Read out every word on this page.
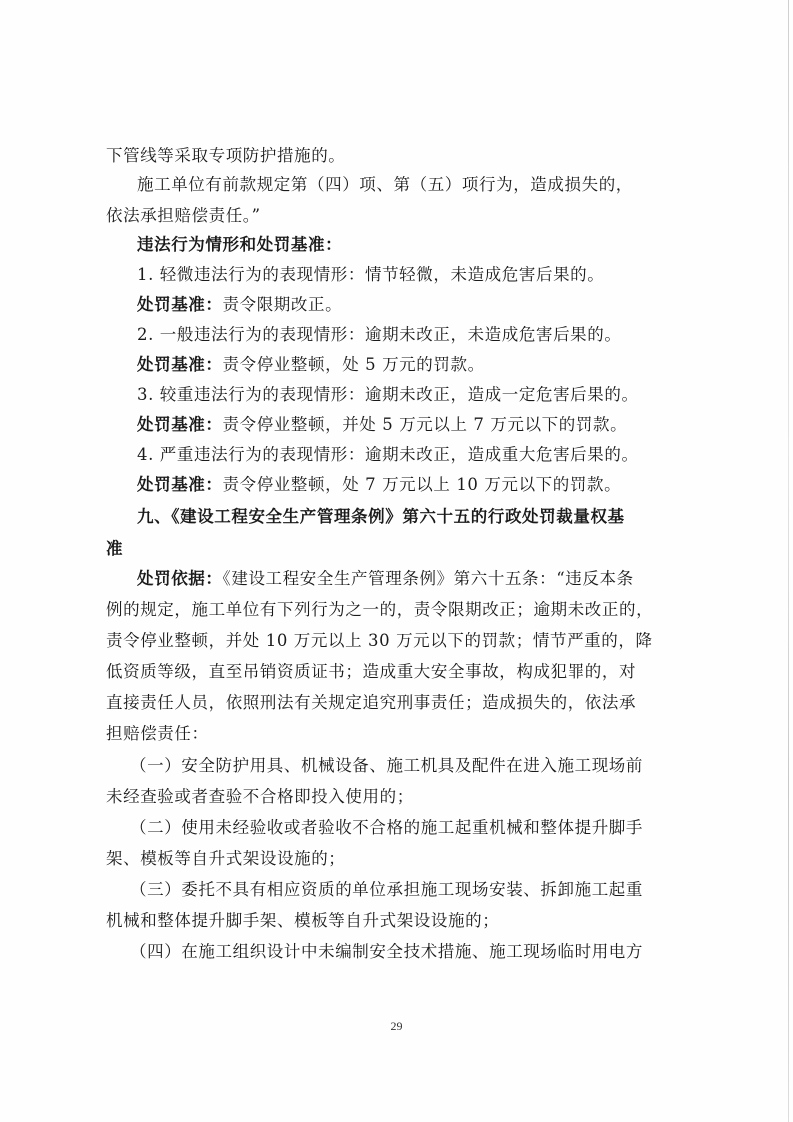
下管线等采取专项防护措施的。
施工单位有前款规定第（四）项、第（五）项行为，造成损失的，
依法承担赔偿责任。”
违法行为情形和处罚基准：
1. 轻微违法行为的表现情形：情节轻微，未造成危害后果的。
处罚基准：责令限期改正。
2. 一般违法行为的表现情形：逾期未改正，未造成危害后果的。
处罚基准：责令停业整顿，处 5 万元的罚款。
3. 较重违法行为的表现情形：逾期未改正，造成一定危害后果的。
处罚基准：责令停业整顿，并处 5 万元以上 7 万元以下的罚款。
4. 严重违法行为的表现情形：逾期未改正，造成重大危害后果的。
处罚基准：责令停业整顿，处 7 万元以上 10 万元以下的罚款。
九、《建设工程安全生产管理条例》第六十五的行政处罚裁量权基
准
处罚依据：《建设工程安全生产管理条例》第六十五条：“违反本条
例的规定，施工单位有下列行为之一的，责令限期改正；逾期未改正的，
责令停业整顿，并处 10 万元以上 30 万元以下的罚款；情节严重的，降
低资质等级，直至吊销资质证书；造成重大安全事故，构成犯罪的，对
直接责任人员，依照刑法有关规定追究刑事责任；造成损失的，依法承
担赔偿责任：
（一）安全防护用具、机械设备、施工机具及配件在进入施工现场前
未经查验或者查验不合格即投入使用的；
（二）使用未经验收或者验收不合格的施工起重机械和整体提升脚手
架、模板等自升式架设设施的；
（三）委托不具有相应资质的单位承担施工现场安装、拆卸施工起重
机械和整体提升脚手架、模板等自升式架设设施的；
（四）在施工组织设计中未编制安全技术措施、施工现场临时用电方
29
